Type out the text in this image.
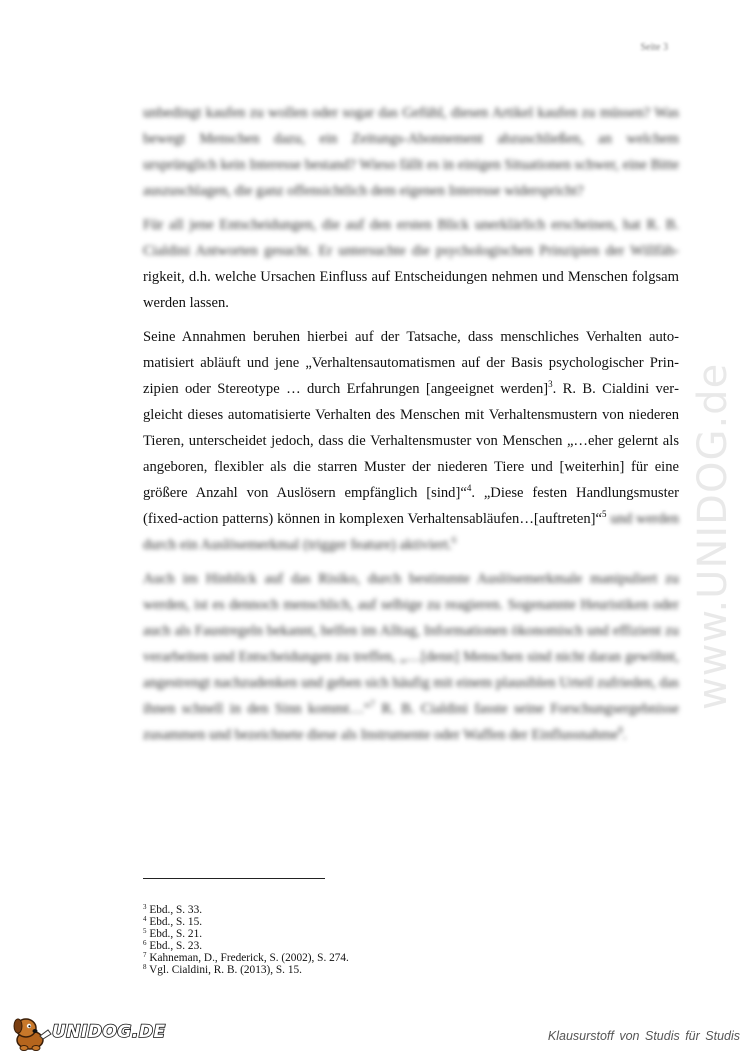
Seite 3
www.UNIDOG.de

unbedingt kaufen zu wollen oder sogar das Gefühl, diesen Artikel kaufen zu müssen? Was bewegt Menschen dazu, ein Zeitungs-Abonnement abzuschließen, an welchem ursprünglich kein Interesse bestand? Wieso fällt es in einigen Situationen schwer, eine Bitte auszuschlagen, die ganz offensichtlich dem eigenen Interesse widerspricht?

Für all jene Entscheidungen, die auf den ersten Blick unerklärlich erscheinen, hat R. B. Cialdini Antworten gesucht. Er untersuchte die psychologischen Prinzipien der Willfäh- rigkeit, d.h. welche Ursachen Einfluss auf Entscheidungen nehmen und Menschen folgsam werden lassen.

Seine Annahmen beruhen hierbei auf der Tatsache, dass menschliches Verhalten automatisiert abläuft und jene „Verhaltensautomatismen auf der Basis psychologischer Prinzipien oder Stereotype … durch Erfahrungen [angeeignet werden]$^3$. R. B. Cialdini vergleicht dieses automatisierte Verhalten des Menschen mit Verhaltensmustern von niederen Tieren, unterscheidet jedoch, dass die Verhaltensmuster von Menschen „…eher gelernt als angeboren, flexibler als die starren Muster der niederen Tiere und [weiterhin] für eine größere Anzahl von Auslösern empfänglich [sind]“$^4$. „Diese festen Handlungsmuster (fixed-action patterns) können in komplexen Verhaltensabläufen…[auftreten]“$^5$ und werden durch ein Auslösemerkmal (trigger feature) aktiviert.$^6$

Auch im Hinblick auf das Risiko, durch bestimmte Auslösemerkmale manipuliert zu werden, ist es dennoch menschlich, auf selbige zu reagieren. Sogenannte Heuristiken oder auch als Faustregeln bekannt, helfen im Alltag, Informationen ökonomisch und effizient zu verarbeiten und Entscheidungen zu treffen, „…[denn] Menschen sind nicht daran gewöhnt, angestrengt nachzudenken und geben sich häufig mit einem plausiblen Urteil zufrieden, das ihnen schnell in den Sinn kommt…“$^7$ R. B. Cialdini fasste seine Forschungsergebnisse zusammen und bezeichnete diese als Instrumente oder Waffen der Einflussnahme$^8$.

$^3$ Ebd., S. 33.
$^4$ Ebd., S. 15.
$^5$ Ebd., S. 21.
$^6$ Ebd., S. 23.
$^7$ Kahneman, D., Frederick, S. (2002), S. 274.
$^8$ Vgl. Cialdini, R. B. (2013), S. 15.
UNIDOG.DE	Klausurstoff von Studis für Studis
